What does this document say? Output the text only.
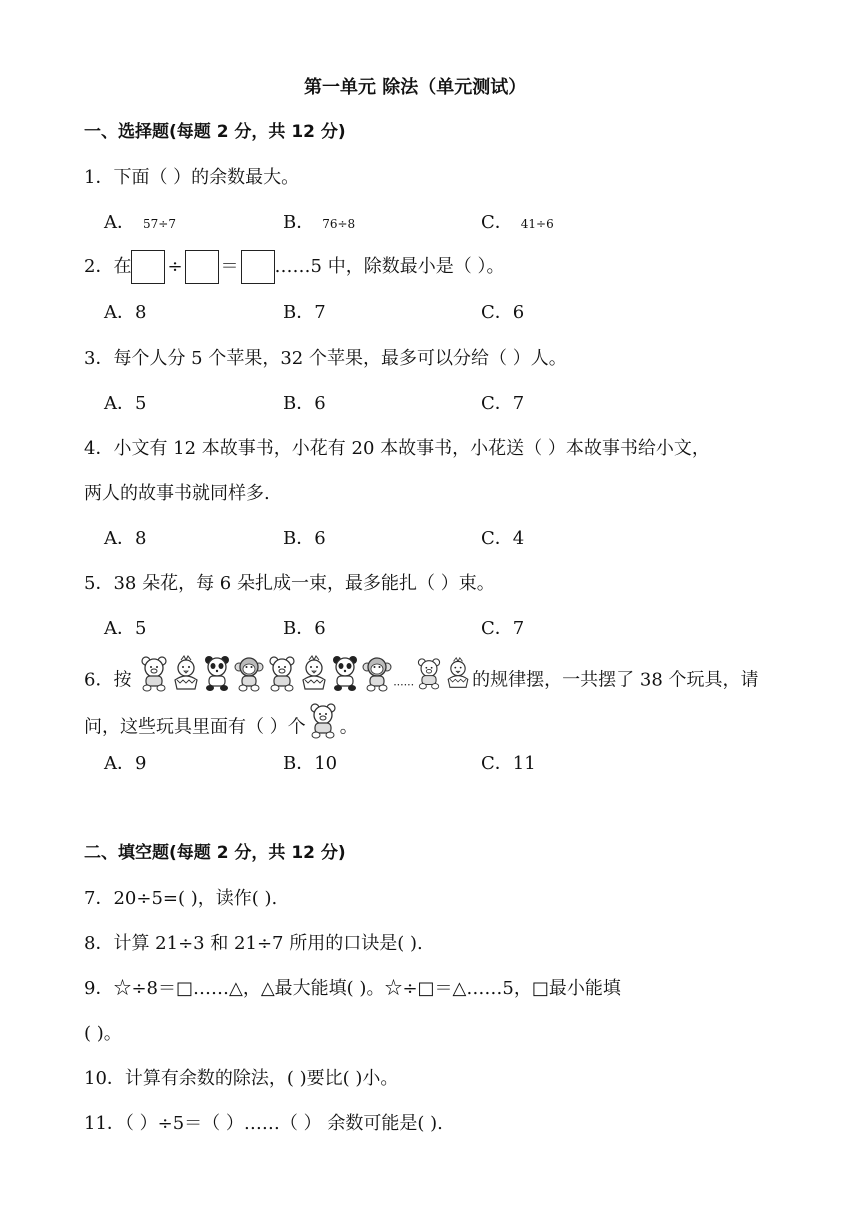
第一单元 除法（单元测试）
一、选择题(每题 2 分，共 12 分)
1．下面（ ）的余数最大。
A． 57÷7	B． 76÷8	C． 41÷6
2．在 ÷ ＝ ……5 中，除数最小是（ ）。
A．8	B．7	C．6
3．每个人分 5 个苹果，32 个苹果，最多可以分给（ ）人。
A．5	B．6	C．7
4．小文有 12 本故事书，小花有 20 本故事书，小花送（ ）本故事书给小文，
两人的故事书就同样多.
A．8	B．6	C．4
5．38 朵花，每 6 朵扎成一束，最多能扎（ ）束。
A．5	B．6	C．7
6．按	......	的规律摆，一共摆了 38 个玩具，请
问，这些玩具里面有（ ）个 。
A．9	B．10	C．11
二、填空题(每题 2 分，共 12 分)
7．20÷5=( )，读作( ).
8．计算 21÷3 和 21÷7 所用的口诀是( ).
9．☆÷8＝□……△，△最大能填( )。☆÷□＝△……5，□最小能填
( )。
10．计算有余数的除法，( )要比( )小。
11．（ ）÷5＝（ ）……（ ） 余数可能是( ).
